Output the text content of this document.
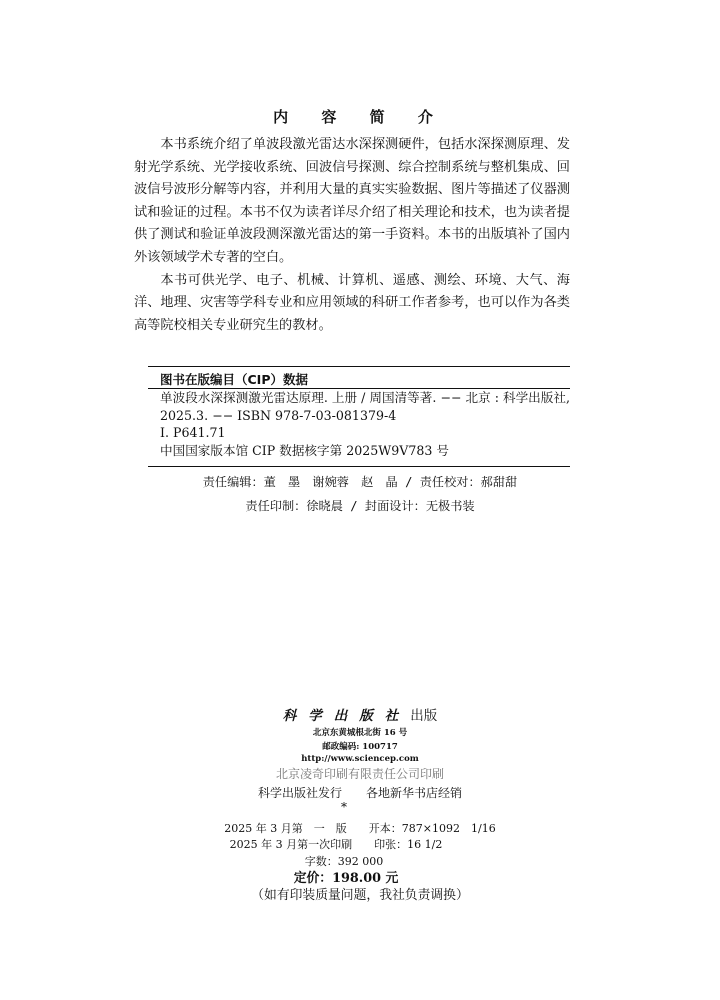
内 容 简 介

本书系统介绍了单波段激光雷达水深探测硬件，包括水深探测原理、发射光学系统、光学接收系统、回波信号探测、综合控制系统与整机集成、回波信号波形分解等内容，并利用大量的真实实验数据、图片等描述了仪器测试和验证的过程。本书不仅为读者详尽介绍了相关理论和技术，也为读者提供了测试和验证单波段测深激光雷达的第一手资料。本书的出版填补了国内外该领域学术专著的空白。

本书可供光学、电子、机械、计算机、遥感、测绘、环境、大气、海洋、地理、灾害等学科专业和应用领域的科研工作者参考，也可以作为各类高等院校相关专业研究生的教材。

图书在版编目（CIP）数据
单波段水深探测激光雷达原理. 上册 / 周国清等著. −− 北京 : 科学出版社, 2025.3. −− ISBN 978-7-03-081379-4
Ⅰ. P641.71
中国国家版本馆 CIP 数据核字第 2025W9V783 号
责任编辑：董　墨　谢婉蓉　赵　晶 / 责任校对：郝甜甜
责任印制：徐晓晨 / 封面设计：无极书装
科学出版社出版
北京东黄城根北街 16 号
邮政编码: 100717
http://www.sciencep.com
北京凌奇印刷有限责任公司印刷
科学出版社发行　　各地新华书店经销
*
2025 年 3 月第　一　版　　开本：787×1092　1/16
2025 年 3 月第一次印刷　　印张：16 1/2
字数：392 000
定价：198.00 元
（如有印装质量问题，我社负责调换）
